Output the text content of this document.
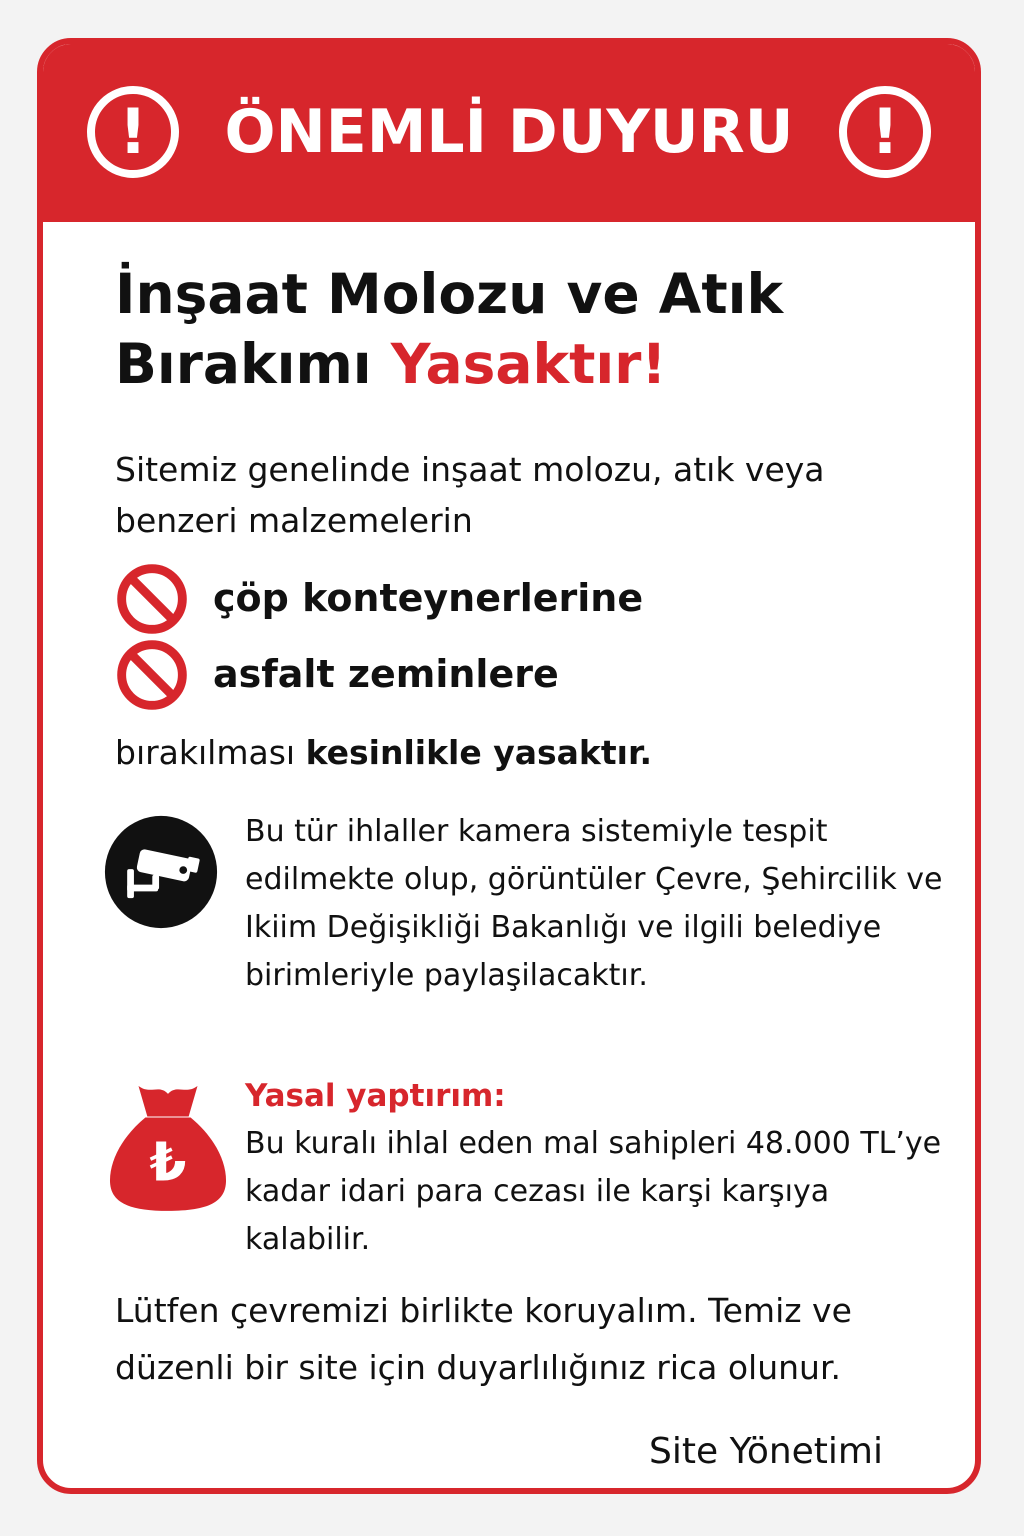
!	ÖNEMLİ DUYURU	!
İnşaat Molozu ve Atık
Bırakımı Yasaktır!
Sitemiz genelinde inşaat molozu, atık veya benzeri malzemelerin
çöp konteynerlerine
asfalt zeminlere
bırakılması kesinlikle yasaktır.
Bu tür ihlaller kamera sistemiyle tespit edilmekte olup, görüntüler Çevre, Şehircilik ve Ikiim Değişikliği Bakanlığı ve ilgili belediye birimleriyle paylaşilacaktır.
₺
Yasal yaptırım:
Bu kuralı ihlal eden mal sahipleri 48.000 TL’ye kadar idari para cezası ile karşi karşıya kalabilir.
Lütfen çevremizi birlikte koruyalım. Temiz ve düzenli bir site için duyarlılığınız rica olunur.
Site Yönetimi
